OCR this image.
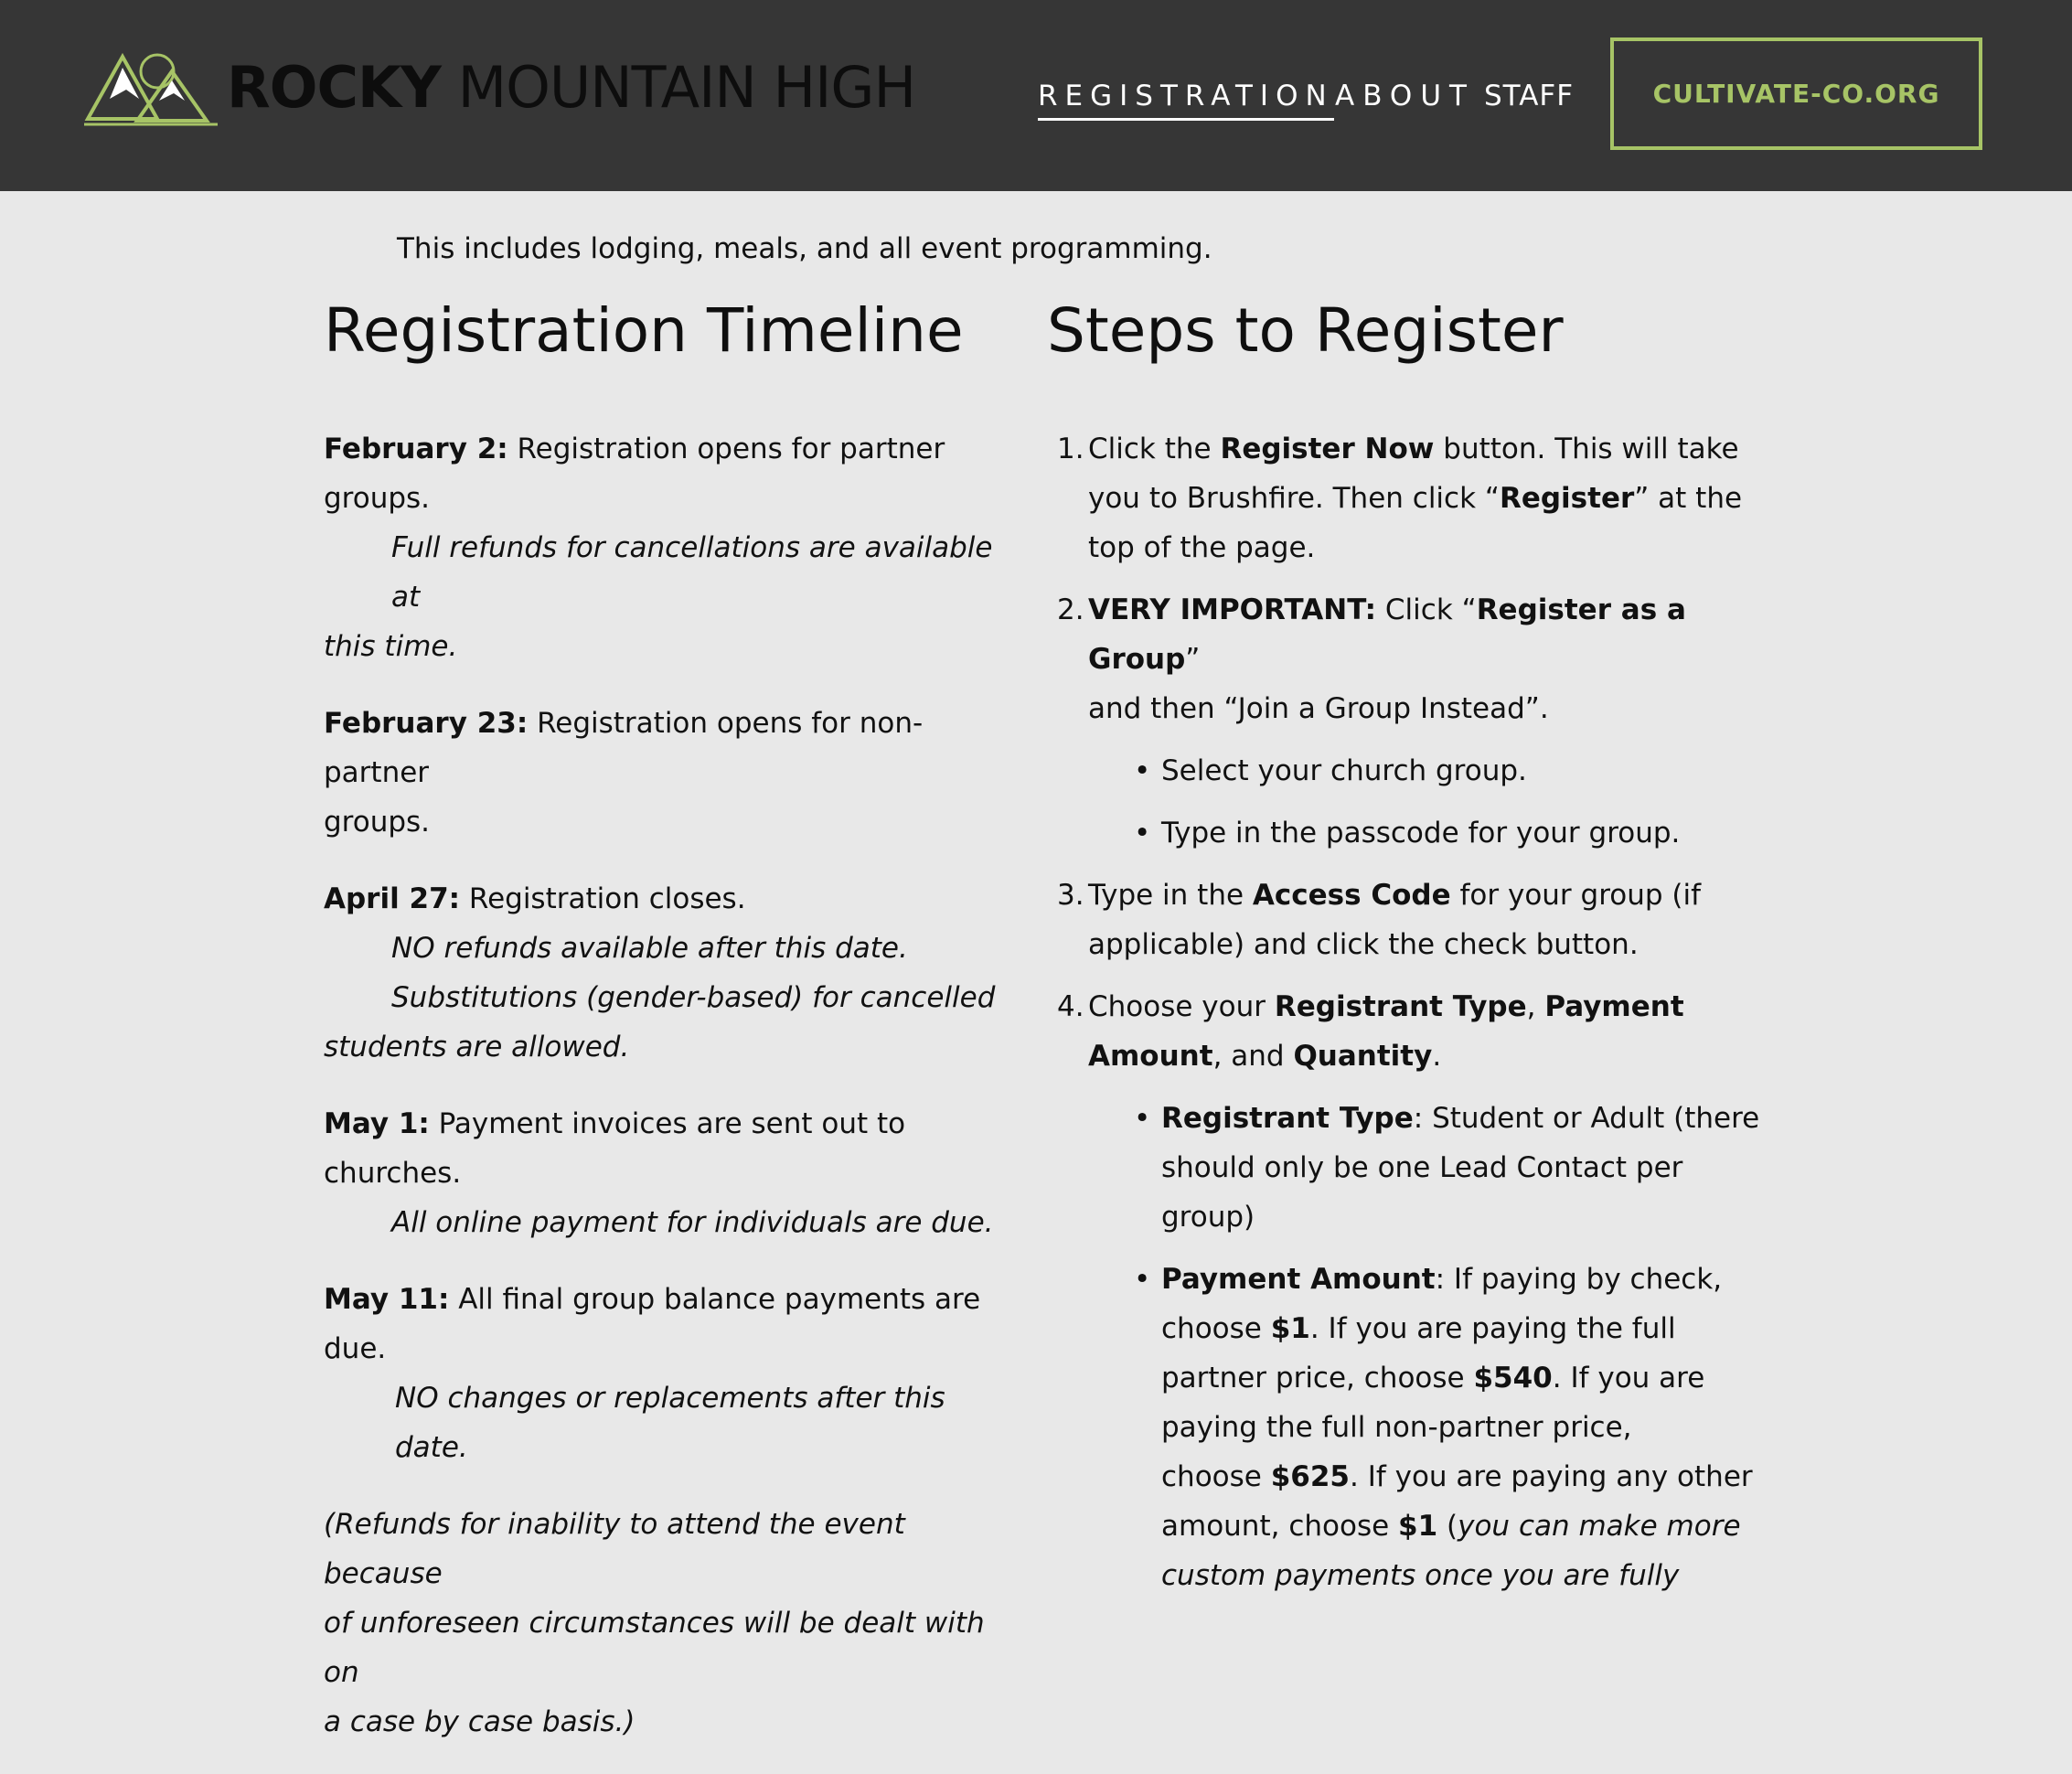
ROCKY MOUNTAIN HIGH	REGISTRATION ABOUT STAFF	CULTIVATE-CO.ORG
This includes lodging, meals, and all event programming.
Registration Timeline Steps to Register
February 2: Registration opens for partner groups.
Full refunds for cancellations are available at
this time.
February 23: Registration opens for non-partner
groups.
April 27: Registration closes.
NO refunds available after this date.
Substitutions (gender-based) for cancelled
students are allowed.
May 1: Payment invoices are sent out to churches.
All online payment for individuals are due.
May 11: All final group balance payments are due.
NO changes or replacements after this date.
(Refunds for inability to attend the event because
of unforeseen circumstances will be dealt with on
a case by case basis.)
1. Click the Register Now button. This will take
you to Brushfire. Then click “Register” at the
top of the page.
2. VERY IMPORTANT: Click “Register as a Group”
and then “Join a Group Instead”.
• Select your church group.
• Type in the passcode for your group.
3. Type in the Access Code for your group (if
applicable) and click the check button.
4. Choose your Registrant Type, Payment
Amount, and Quantity.
• Registrant Type: Student or Adult (there
should only be one Lead Contact per
group)
• Payment Amount: If paying by check,
choose $1. If you are paying the full
partner price, choose $540. If you are
paying the full non-partner price,
choose $625. If you are paying any other
amount, choose $1 (you can make more
custom payments once you are fully
